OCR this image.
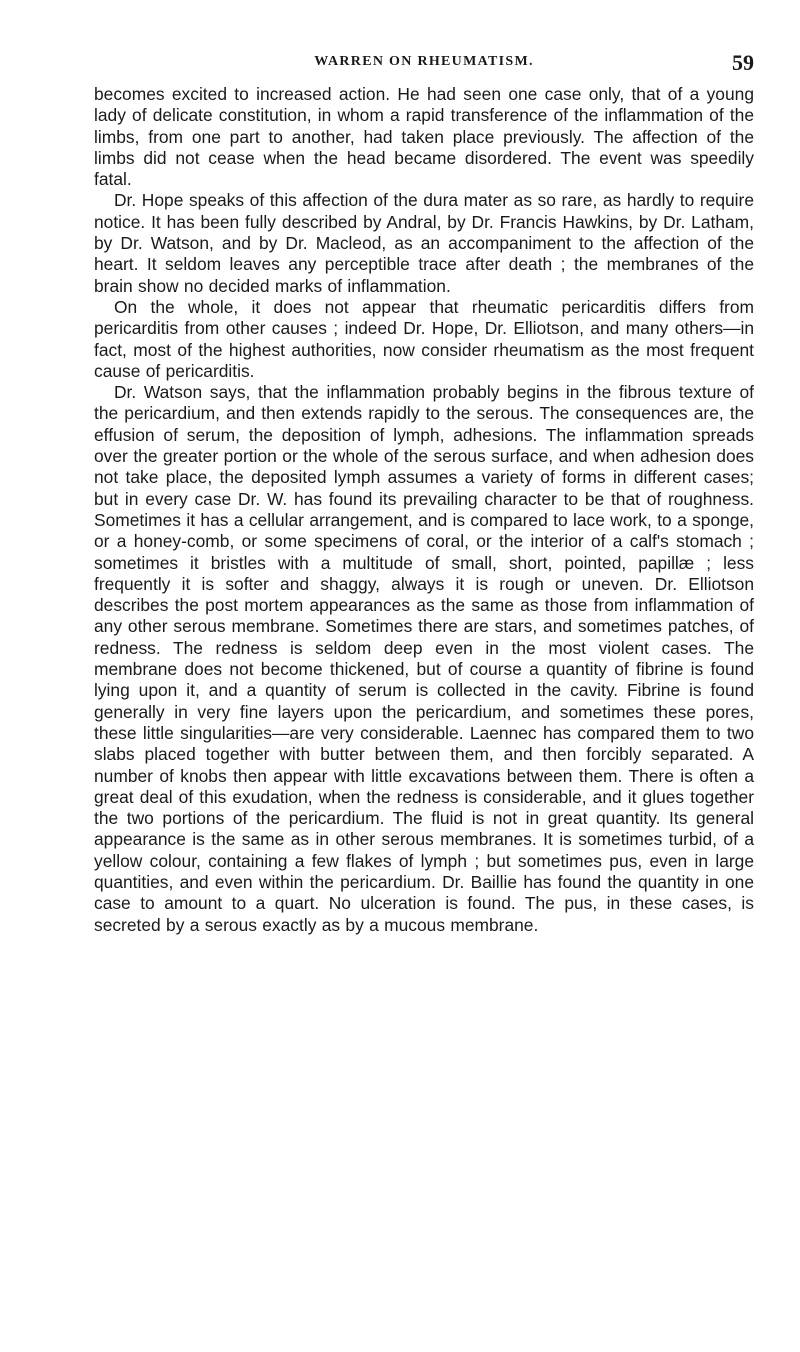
WARREN ON RHEUMATISM.	59

becomes excited to increased action. He had seen one case only, that of a young lady of delicate constitution, in whom a rapid transference of the inflammation of the limbs, from one part to another, had taken place previously. The affection of the limbs did not cease when the head became disordered. The event was speedily fatal.

Dr. Hope speaks of this affection of the dura mater as so rare, as hardly to require notice. It has been fully described by Andral, by Dr. Francis Hawkins, by Dr. Latham, by Dr. Watson, and by Dr. Macleod, as an accompaniment to the affection of the heart. It seldom leaves any perceptible trace after death ; the membranes of the brain show no decided marks of inflammation.

On the whole, it does not appear that rheumatic pericarditis differs from pericarditis from other causes ; indeed Dr. Hope, Dr. Elliotson, and many others—in fact, most of the highest authorities, now consider rheumatism as the most frequent cause of pericarditis.

Dr. Watson says, that the inflammation probably begins in the fibrous texture of the pericardium, and then extends rapidly to the serous. The consequences are, the effusion of serum, the deposition of lymph, adhesions. The inflammation spreads over the greater portion or the whole of the serous surface, and when adhesion does not take place, the deposited lymph assumes a variety of forms in different cases; but in every case Dr. W. has found its prevailing character to be that of roughness. Sometimes it has a cellular arrangement, and is compared to lace work, to a sponge, or a honey-comb, or some specimens of coral, or the interior of a calf's stomach ; sometimes it bristles with a multitude of small, short, pointed, papillæ ; less frequently it is softer and shaggy, always it is rough or uneven. Dr. Elliotson describes the post mortem appearances as the same as those from inflammation of any other serous membrane. Sometimes there are stars, and sometimes patches, of redness. The redness is seldom deep even in the most violent cases. The membrane does not become thickened, but of course a quantity of fibrine is found lying upon it, and a quantity of serum is collected in the cavity. Fibrine is found generally in very fine layers upon the pericardium, and sometimes these pores, these little singularities—are very considerable. Laennec has compared them to two slabs placed together with butter between them, and then forcibly separated. A number of knobs then appear with little excavations between them. There is often a great deal of this exudation, when the redness is considerable, and it glues together the two portions of the pericardium. The fluid is not in great quantity. Its general appearance is the same as in other serous membranes. It is sometimes turbid, of a yellow colour, containing a few flakes of lymph ; but sometimes pus, even in large quantities, and even within the pericardium. Dr. Baillie has found the quantity in one case to amount to a quart. No ulceration is found. The pus, in these cases, is secreted by a serous exactly as by a mucous membrane.
